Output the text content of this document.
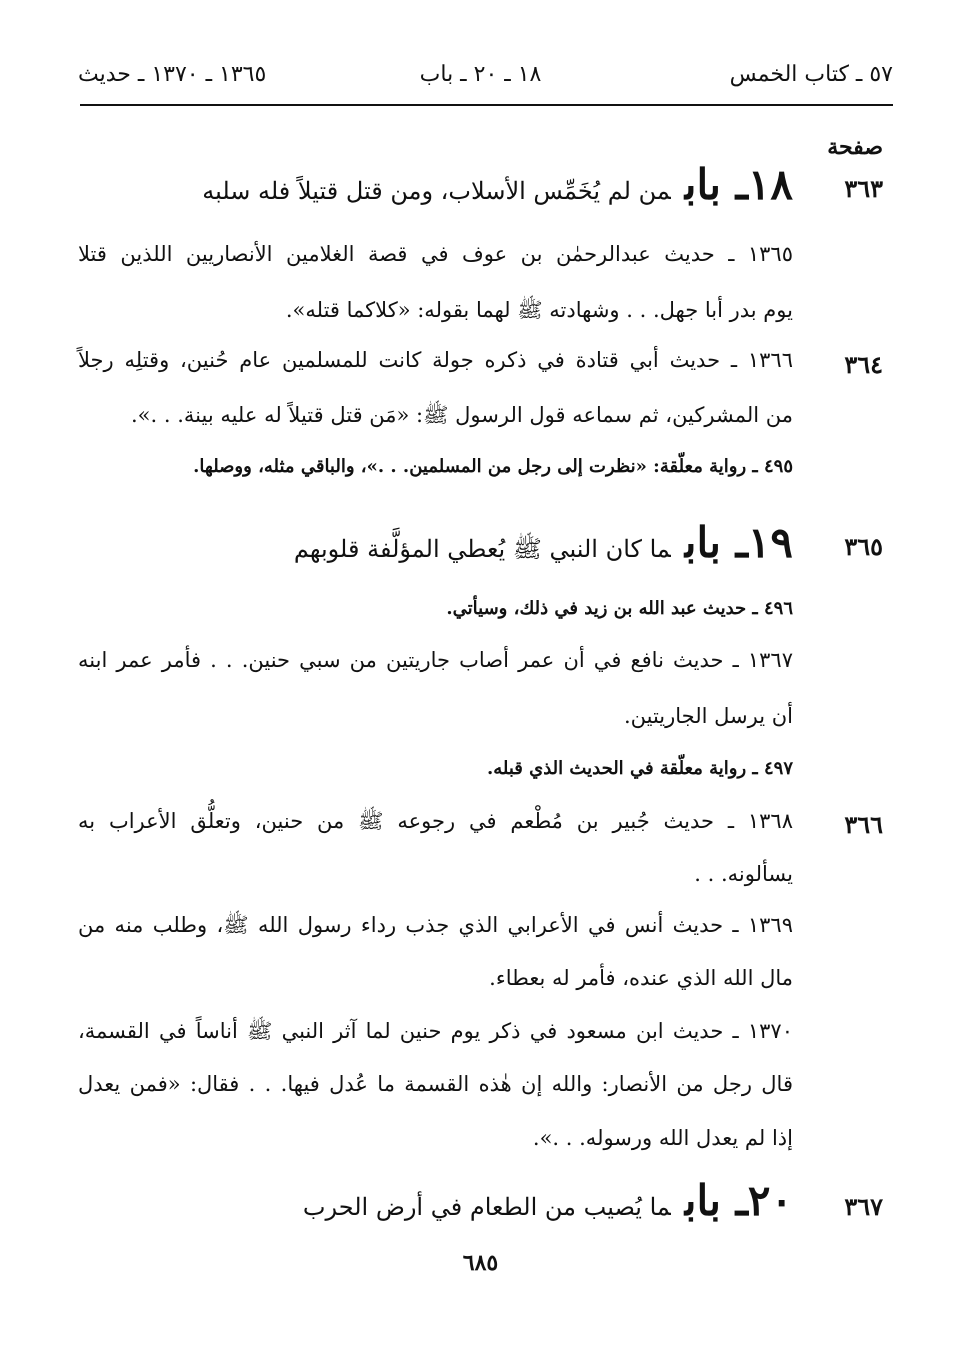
٥٧ ـ كتاب الخمس
١٨ ـ ٢٠ ـ باب
١٣٦٥ ـ ١٣٧٠ ـ حديث
صفحة
٣٦٣
١٨ـ بابمن لم يُخَمِّس الأسلاب، ومن قتل قتيلاً فله سلبه
١٣٦٥ ـ حديث عبدالرحمٰن بن عوف في قصة الغلامين الأنصاريين اللذين قتلا
يوم بدر أبا جهل. . . وشهادته ﷺ لهما بقوله: «كلاكما قتله».
٣٦٤
١٣٦٦ ـ حديث أبي قتادة في ذكره جولة كانت للمسلمين عام حُنين، وقتلِه رجلاً
من المشركين، ثم سماعه قول الرسول ﷺ: «مَن قتل قتيلاً له عليه بينة. . .».
٤٩٥ ـ رواية معلّقة: «نظرت إلى رجل من المسلمين. . .»، والباقي مثله، ووصلها.
٣٦٥
١٩ـ بابما كان النبي ﷺ يُعطي المؤلَّفة قلوبهم
٤٩٦ ـ حديث عبد الله بن زيد في ذلك، وسيأتي.
١٣٦٧ ـ حديث نافع في أن عمر أصاب جاريتين من سبي حنين. . . فأمر عمر ابنه
أن يرسل الجاريتين.
٤٩٧ ـ رواية معلّقة في الحديث الذي قبله.
٣٦٦
١٣٦٨ ـ حديث جُبير بن مُطْعم في رجوعه ﷺ من حنين، وتعلُّق الأعراب به
يسألونه. . .
١٣٦٩ ـ حديث أنس في الأعرابي الذي جذب رداء رسول الله ﷺ، وطلب منه من
مال الله الذي عنده، فأمر له بعطاء.
١٣٧٠ ـ حديث ابن مسعود في ذكر يوم حنين لما آثر النبي ﷺ أناساً في القسمة،
قال رجل من الأنصار: والله إن هٰذه القسمة ما عُدل فيها. . . فقال: «فمن يعدل
إذا لم يعدل الله ورسوله. . .».
٣٦٧
٢٠ـ بابما يُصيب من الطعام في أرض الحرب
٦٨٥
